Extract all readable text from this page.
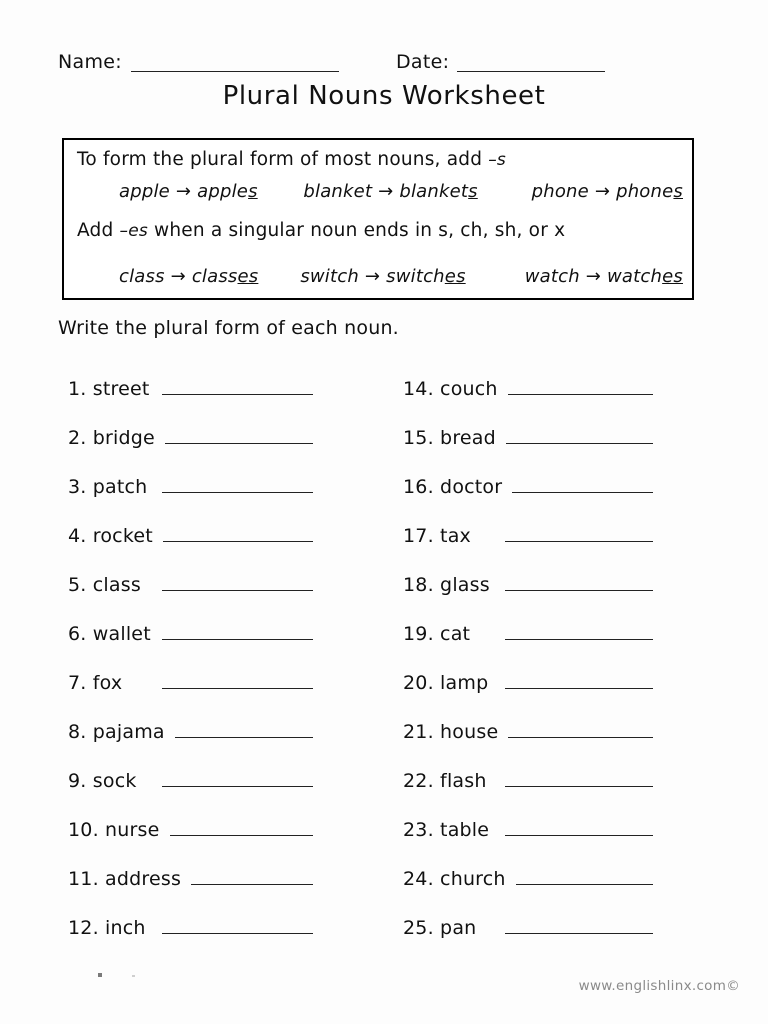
Name:	Date:
Plural Nouns Worksheet
To form the plural form of most nouns, add –s
apple → apples	blanket → blankets	phone → phones
Add –es when a singular noun ends in s, ch, sh, or x
class → classes	switch → switches	watch → watches
Write the plural form of each noun.
1. street
2. bridge
3. patch
4. rocket
5. class
6. wallet
7. fox
8. pajama
9. sock
10. nurse
11. address
12. inch
14. couch
15. bread
16. doctor
17. tax
18. glass
19. cat
20. lamp
21. house
22. flash
23. table
24. church
25. pan
www.englishlinx.com©
